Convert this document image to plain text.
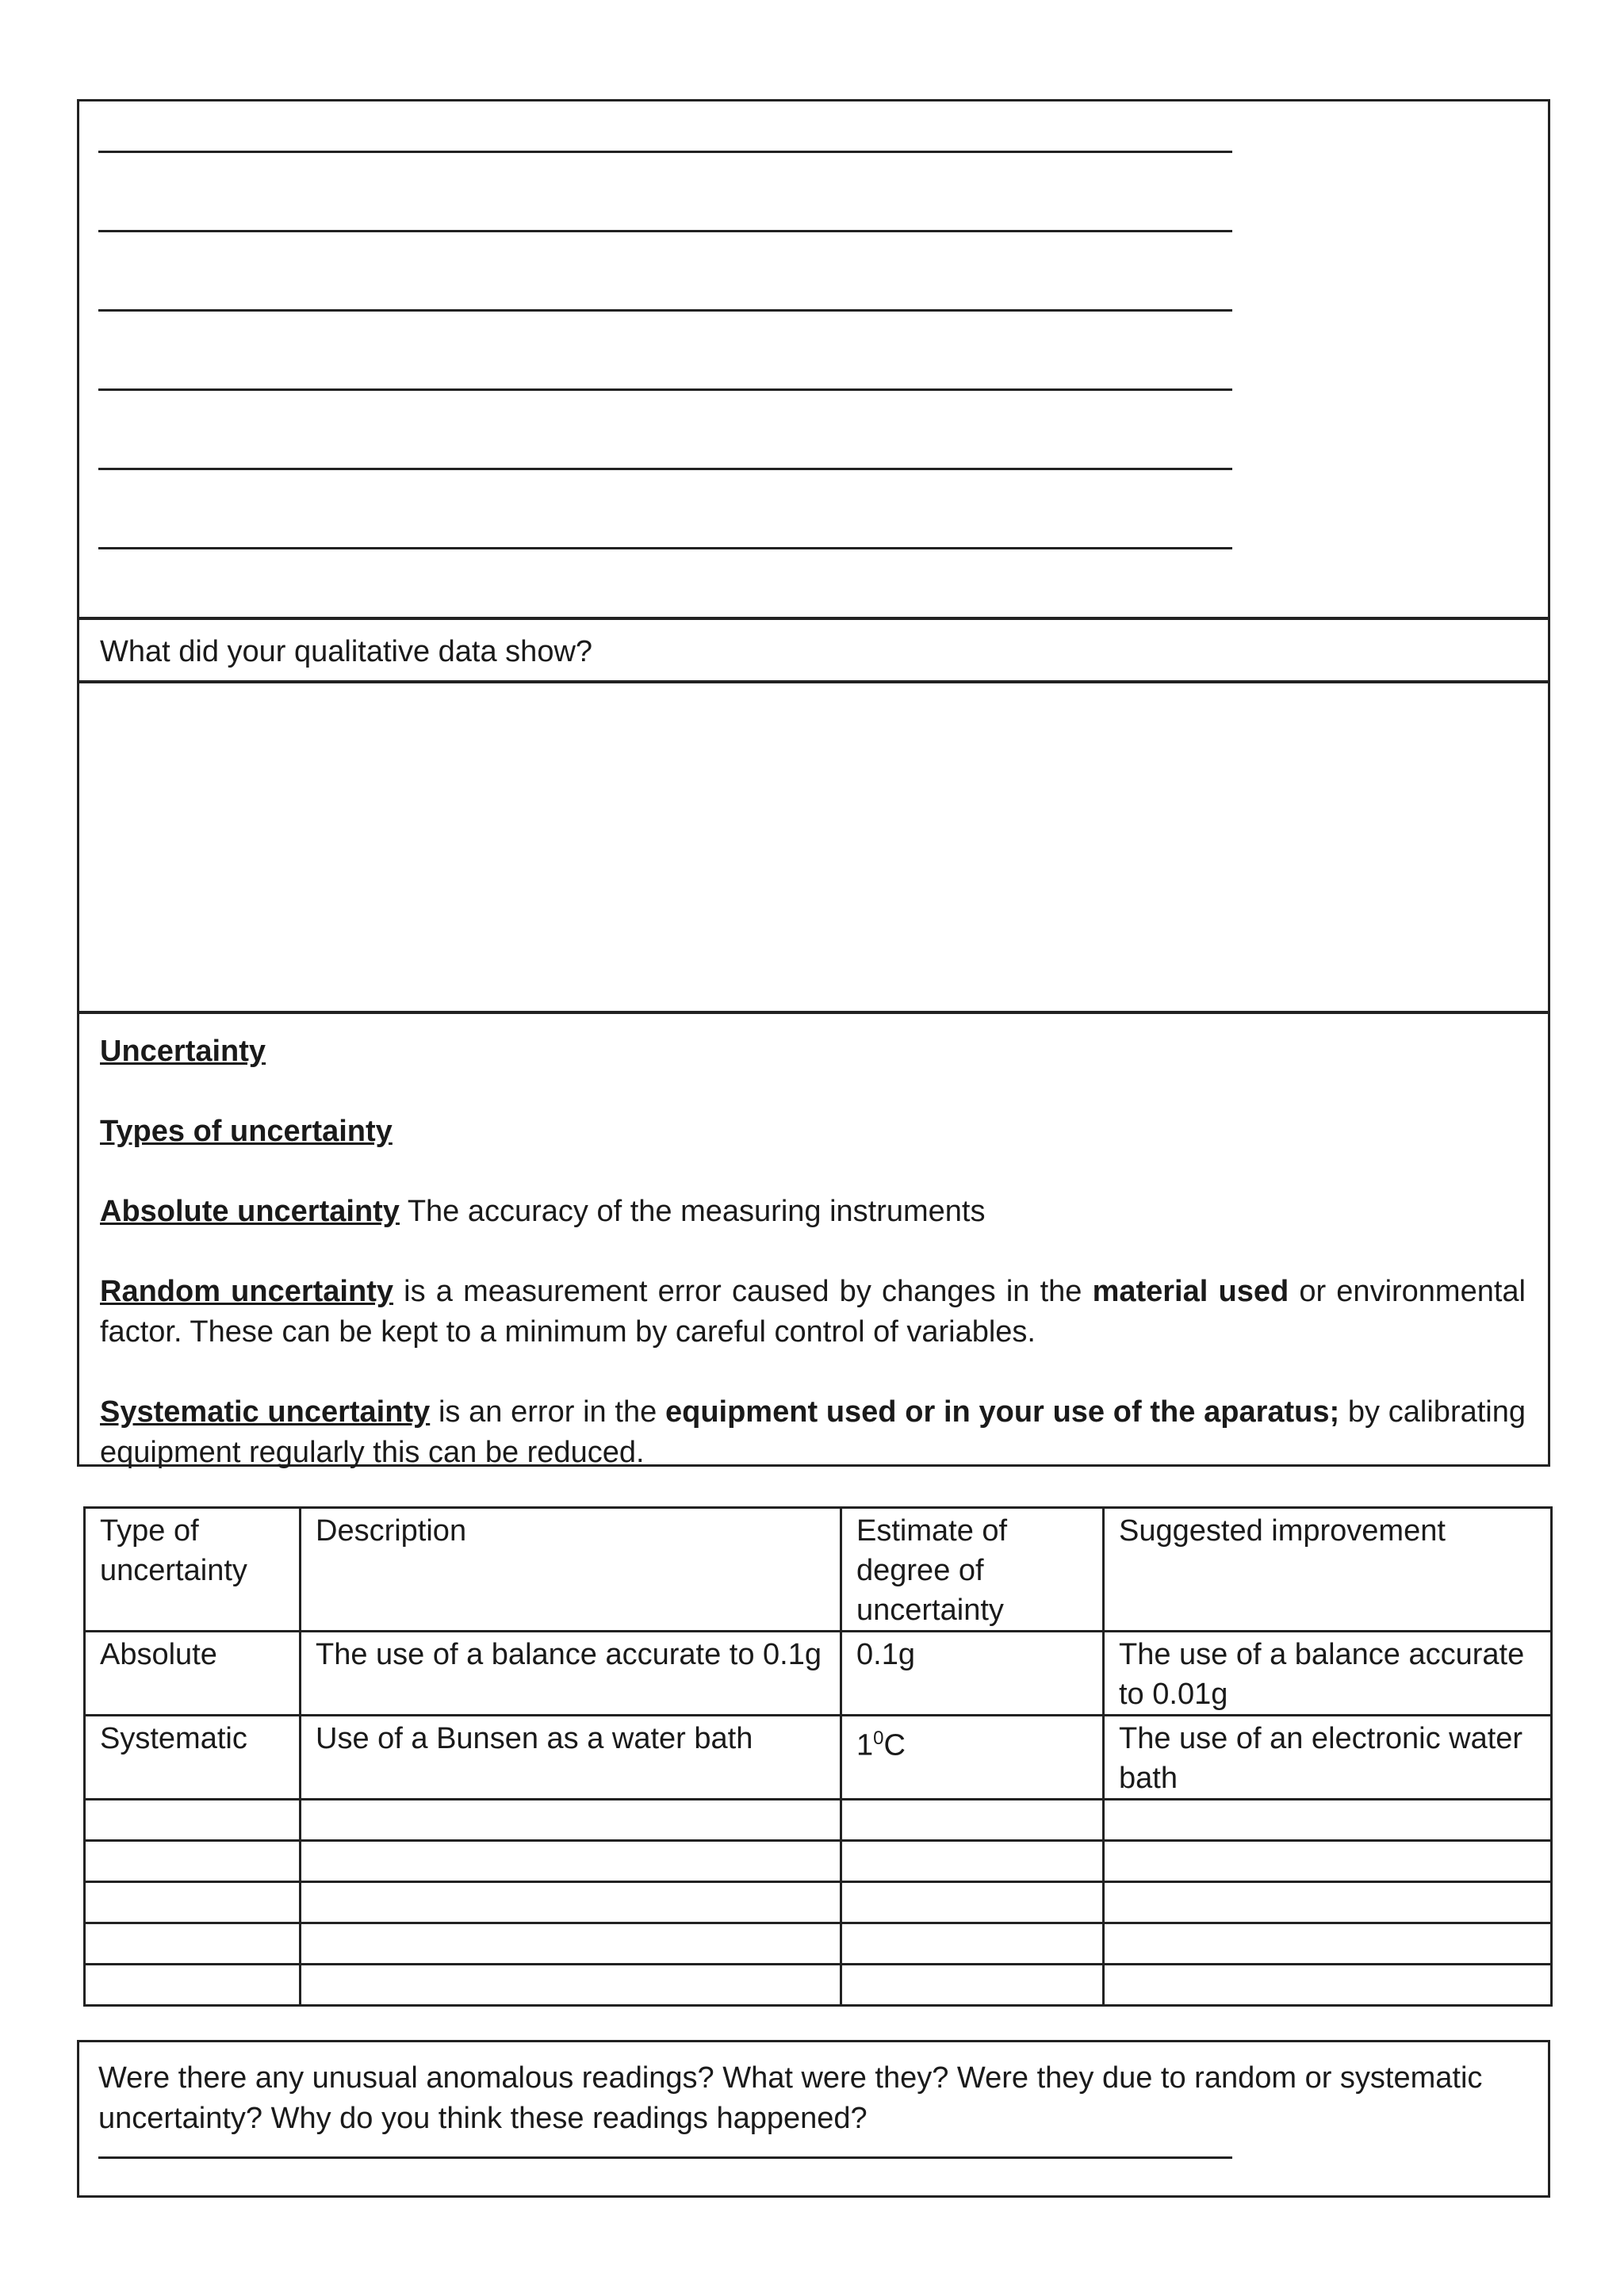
What did your qualitative data show?

Uncertainty

Types of uncertainty

Absolute uncertainty The accuracy of the measuring instruments

Random uncertainty is a measurement error caused by changes in the material used or environmental factor. These can be kept to a minimum by careful control of variables.

Systematic uncertainty is an error in the equipment used or in your use of the aparatus; by calibrating equipment regularly this can be reduced.

Type of uncertainty	Description	Estimate of degree of uncertainty	Suggested improvement
Absolute	The use of a balance accurate to 0.1g	0.1g	The use of a balance accurate to 0.01g
Systematic	Use of a Bunsen as a water bath	$1^0C$	The use of an electronic water bath

Were there any unusual anomalous readings? What were they? Were they due to random or systematic uncertainty? Why do you think these readings happened?
